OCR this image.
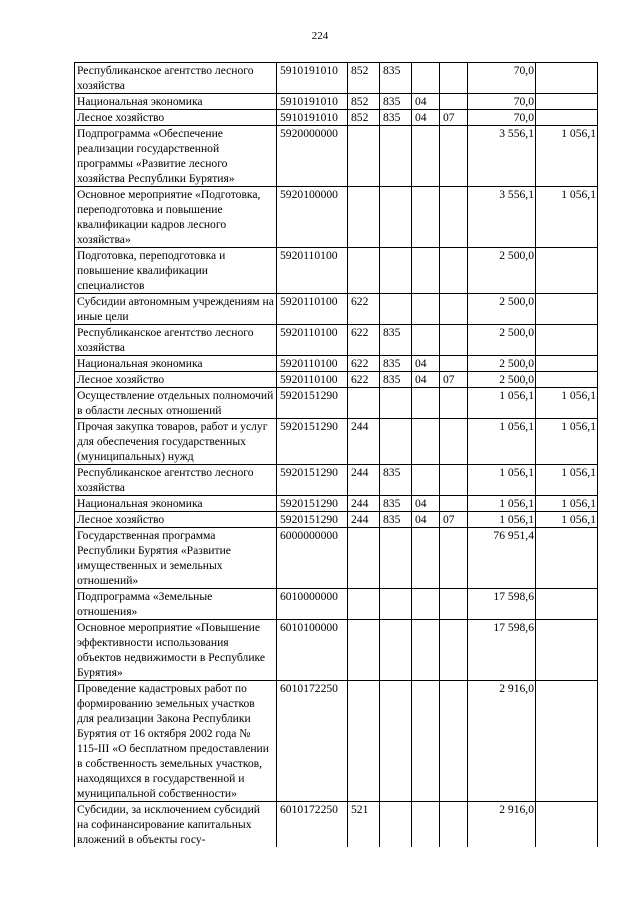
224
Республиканское агентство лесного хозяйства	5910191010	852	835			70,0	
Национальная экономика	5910191010	852	835	04		70,0	
Лесное хозяйство	5910191010	852	835	04	07	70,0	
Подпрограмма «Обеспечение реализации государственной программы «Развитие лесного хозяйства Республики Бурятия»	5920000000					3 556,1	1 056,1
Основное мероприятие «Подготовка, переподготовка и повышение квалификации кадров лесного хозяйства»	5920100000					3 556,1	1 056,1
Подготовка, переподготовка и повышение квалификации специалистов	5920110100					2 500,0	
Субсидии автономным учреждениям на иные цели	5920110100	622				2 500,0	
Республиканское агентство лесного хозяйства	5920110100	622	835			2 500,0	
Национальная экономика	5920110100	622	835	04		2 500,0	
Лесное хозяйство	5920110100	622	835	04	07	2 500,0	
Осуществление отдельных полномочий в области лесных отношений	5920151290					1 056,1	1 056,1
Прочая закупка товаров, работ и услуг для обеспечения государственных (муниципальных) нужд	5920151290	244				1 056,1	1 056,1
Республиканское агентство лесного хозяйства	5920151290	244	835			1 056,1	1 056,1
Национальная экономика	5920151290	244	835	04		1 056,1	1 056,1
Лесное хозяйство	5920151290	244	835	04	07	1 056,1	1 056,1
Государственная программа Республики Бурятия «Развитие имущественных и земельных отношений»	6000000000					76 951,4	
Подпрограмма «Земельные отношения»	6010000000					17 598,6	
Основное мероприятие «Повышение эффективности использования объектов недвижимости в Республике Бурятия»	6010100000					17 598,6	
Проведение кадастровых работ по формированию земельных участков для реализации Закона Республики Бурятия от 16 октября 2002 года № 115-III «О бесплатном предоставлении в собственность земельных участков, находящихся в государственной и муниципальной собственности»	6010172250					2 916,0	
Субсидии, за исключением субсидий на софинансирование капитальных вложений в объекты госу-	6010172250	521				2 916,0	
